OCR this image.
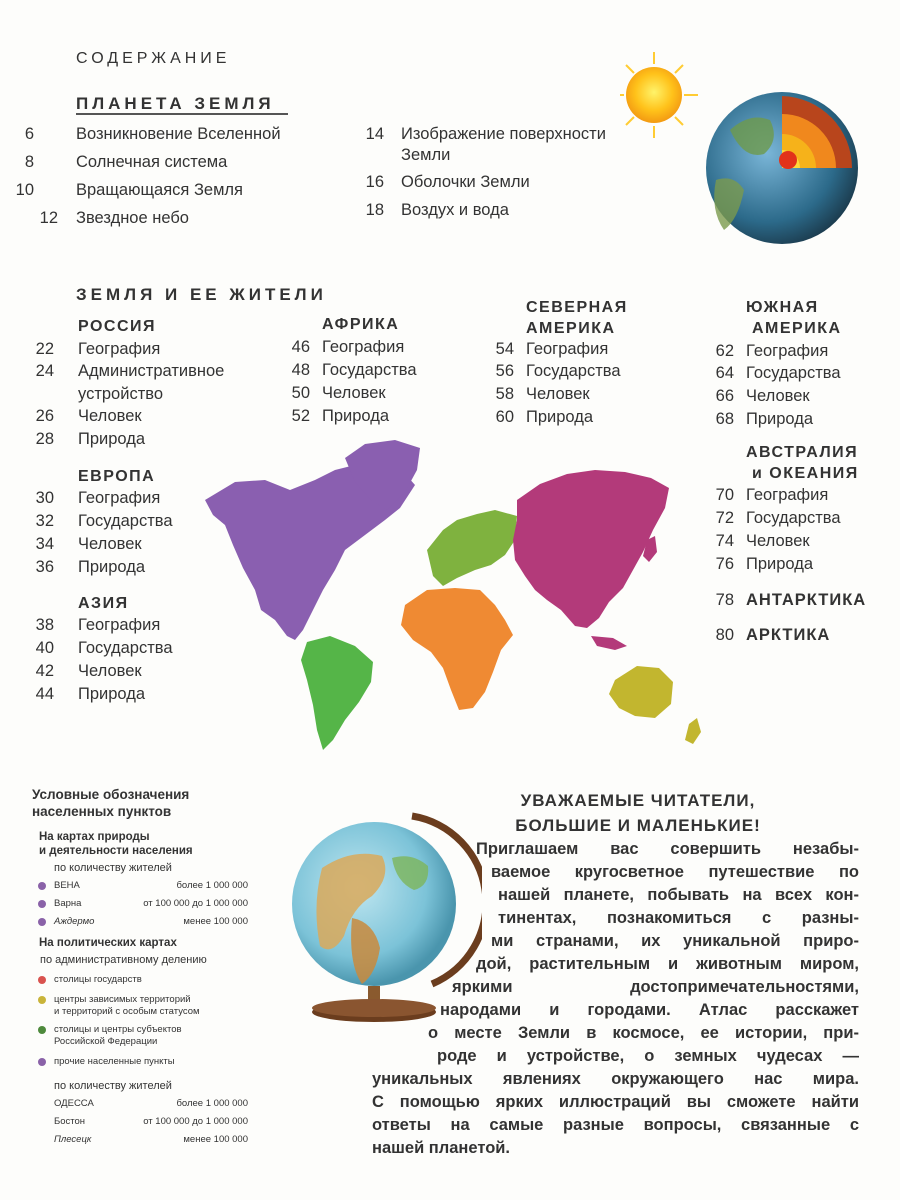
СОДЕРЖАНИЕ
ПЛАНЕТА ЗЕМЛЯ
6	Возникновение Вселенной
8	Солнечная система
10	Вращающаяся Земля
12 Звездное небо
14 Изображение поверхности
Земли
16 Оболочки Земли
18 Воздух и вода
ЗЕМЛЯ И ЕЕ ЖИТЕЛИ
РОССИЯ
22 География
24 Административное
устройство
26 Человек
28 Природа
ЕВРОПА
30 География
32 Государства
34 Человек
36 Природа
АЗИЯ
38 География
40 Государства
42 Человек
44 Природа
АФРИКА
46 География
48 Государства
50 Человек
52 Природа
СЕВЕРНАЯ
АМЕРИКА
54 География
56 Государства
58 Человек
60 Природа
ЮЖНАЯ
АМЕРИКА
62 География
64 Государства
66 Человек
68 Природа
АВСТРАЛИЯ
и ОКЕАНИЯ
70 География
72 Государства
74 Человек
76 Природа
78 АНТАРКТИКА
80 АРКТИКА
Условные обозначения
населенных пунктов
На картах природы
и деятельности населения
по количеству жителей
ВЕНА	более 1 000 000
Варна	от 100 000 до 1 000 000
Аждермо	менее 100 000
На политических картах
по административному делению
столицы государств
центры зависимых территорий
и территорий с особым статусом
столицы и центры субъектов
Российской Федерации
прочие населенные пункты
по количеству жителей
ОДЕССА	более 1 000 000
Бостон	от 100 000 до 1 000 000
Плесецк	менее 100 000
УВАЖАЕМЫЕ ЧИТАТЕЛИ,
БОЛЬШИЕ И МАЛЕНЬКИЕ!
Приглашаем вас совершить незабы-
ваемое кругосветное путешествие по
нашей планете, побывать на всех кон-
тинентах, познакомиться с разны-
ми странами, их уникальной приро-
дой, растительным и животным миром,
яркими достопримечательностями,
народами и городами. Атлас расскажет
о месте Земли в космосе, ее истории, при-
роде и устройстве, о земных чудесах —
уникальных явлениях окружающего нас мира.
С помощью ярких иллюстраций вы сможете найти
ответы на самые разные вопросы, связанные с
нашей планетой.
